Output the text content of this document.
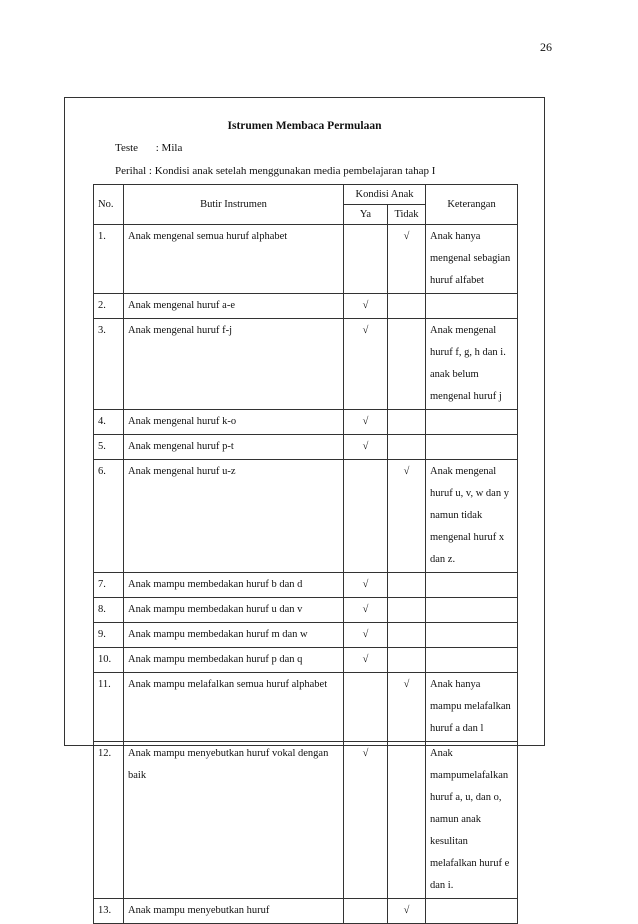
26
Istrumen Membaca Permulaan
Teste : Mila
Perihal : Kondisi anak setelah menggunakan media pembelajaran tahap I
No.	Butir Instrumen	Kondisi Anak		Keterangan
		Ya	Tidak	
1.	Anak mengenal semua huruf alphabet		√	Anak hanya mengenal sebagian huruf alfabet
2.	Anak mengenal huruf a-e	√		
3.	Anak mengenal huruf f-j	√		Anak mengenal huruf f, g, h dan i. anak belum mengenal huruf j
4.	Anak mengenal huruf k-o	√		
5.	Anak mengenal huruf p-t	√		
6.	Anak mengenal huruf u-z		√	Anak mengenal huruf u, v, w dan y namun tidak mengenal huruf x dan z.
7.	Anak mampu membedakan huruf b dan d	√		
8.	Anak mampu membedakan huruf u dan v	√		
9.	Anak mampu membedakan huruf m dan w	√		
10.	Anak mampu membedakan huruf p dan q	√		
11.	Anak mampu melafalkan semua huruf alphabet		√	Anak hanya mampu melafalkan huruf a dan l
12.	Anak mampu menyebutkan huruf vokal dengan baik	√		Anak mampumelafalkan huruf a, u, dan o, namun anak kesulitan melafalkan huruf e dan i.
13.	Anak mampu menyebutkan huruf		√	
